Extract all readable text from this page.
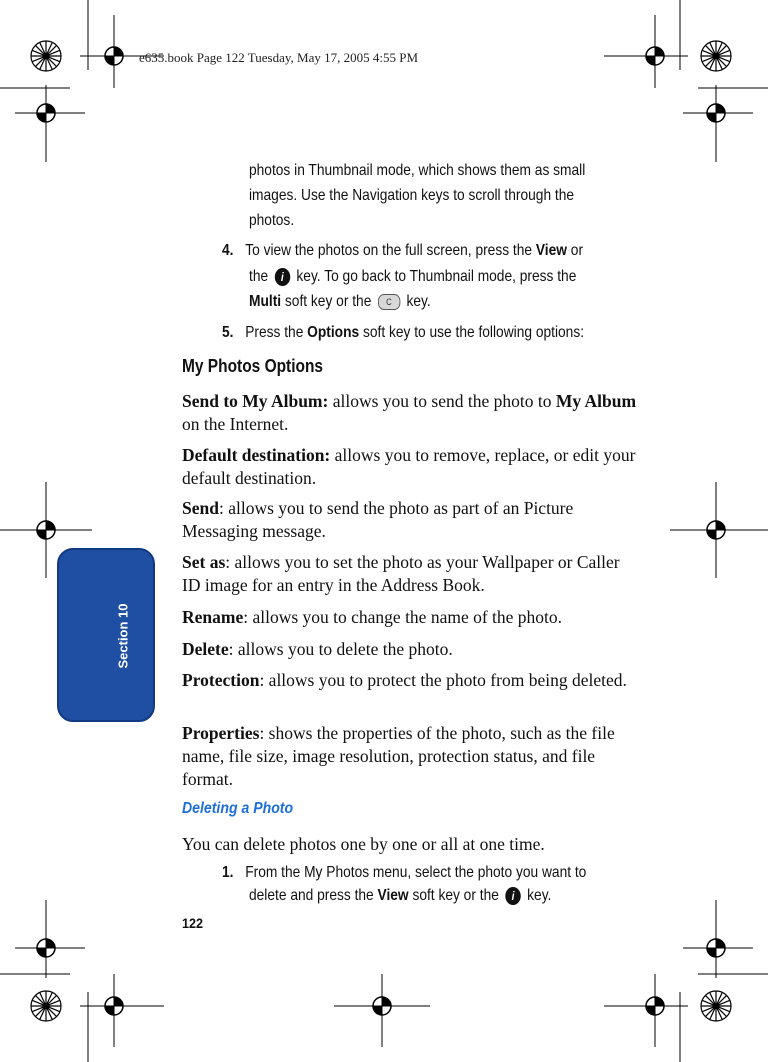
e635.book Page 122 Tuesday, May 17, 2005 4:55 PM
Section 10
photos in Thumbnail mode, which shows them as small
images. Use the Navigation keys to scroll through the
photos.
4. To view the photos on the full screen, press the View or
the i key. To go back to Thumbnail mode, press the
Multi soft key or the C key.
5. Press the Options soft key to use the following options:
My Photos Options
Send to My Album: allows you to send the photo to My Album on the Internet.
Default destination: allows you to remove, replace, or edit your default destination.
Send: allows you to send the photo as part of an Picture Messaging message.
Set as: allows you to set the photo as your Wallpaper or Caller ID image for an entry in the Address Book.
Rename: allows you to change the name of the photo.
Delete: allows you to delete the photo.
Protection: allows you to protect the photo from being deleted.
Properties: shows the properties of the photo, such as the file name, file size, image resolution, protection status, and file format.
Deleting a Photo
You can delete photos one by one or all at one time.
1. From the My Photos menu, select the photo you want to
delete and press the View soft key or the i key.
122
